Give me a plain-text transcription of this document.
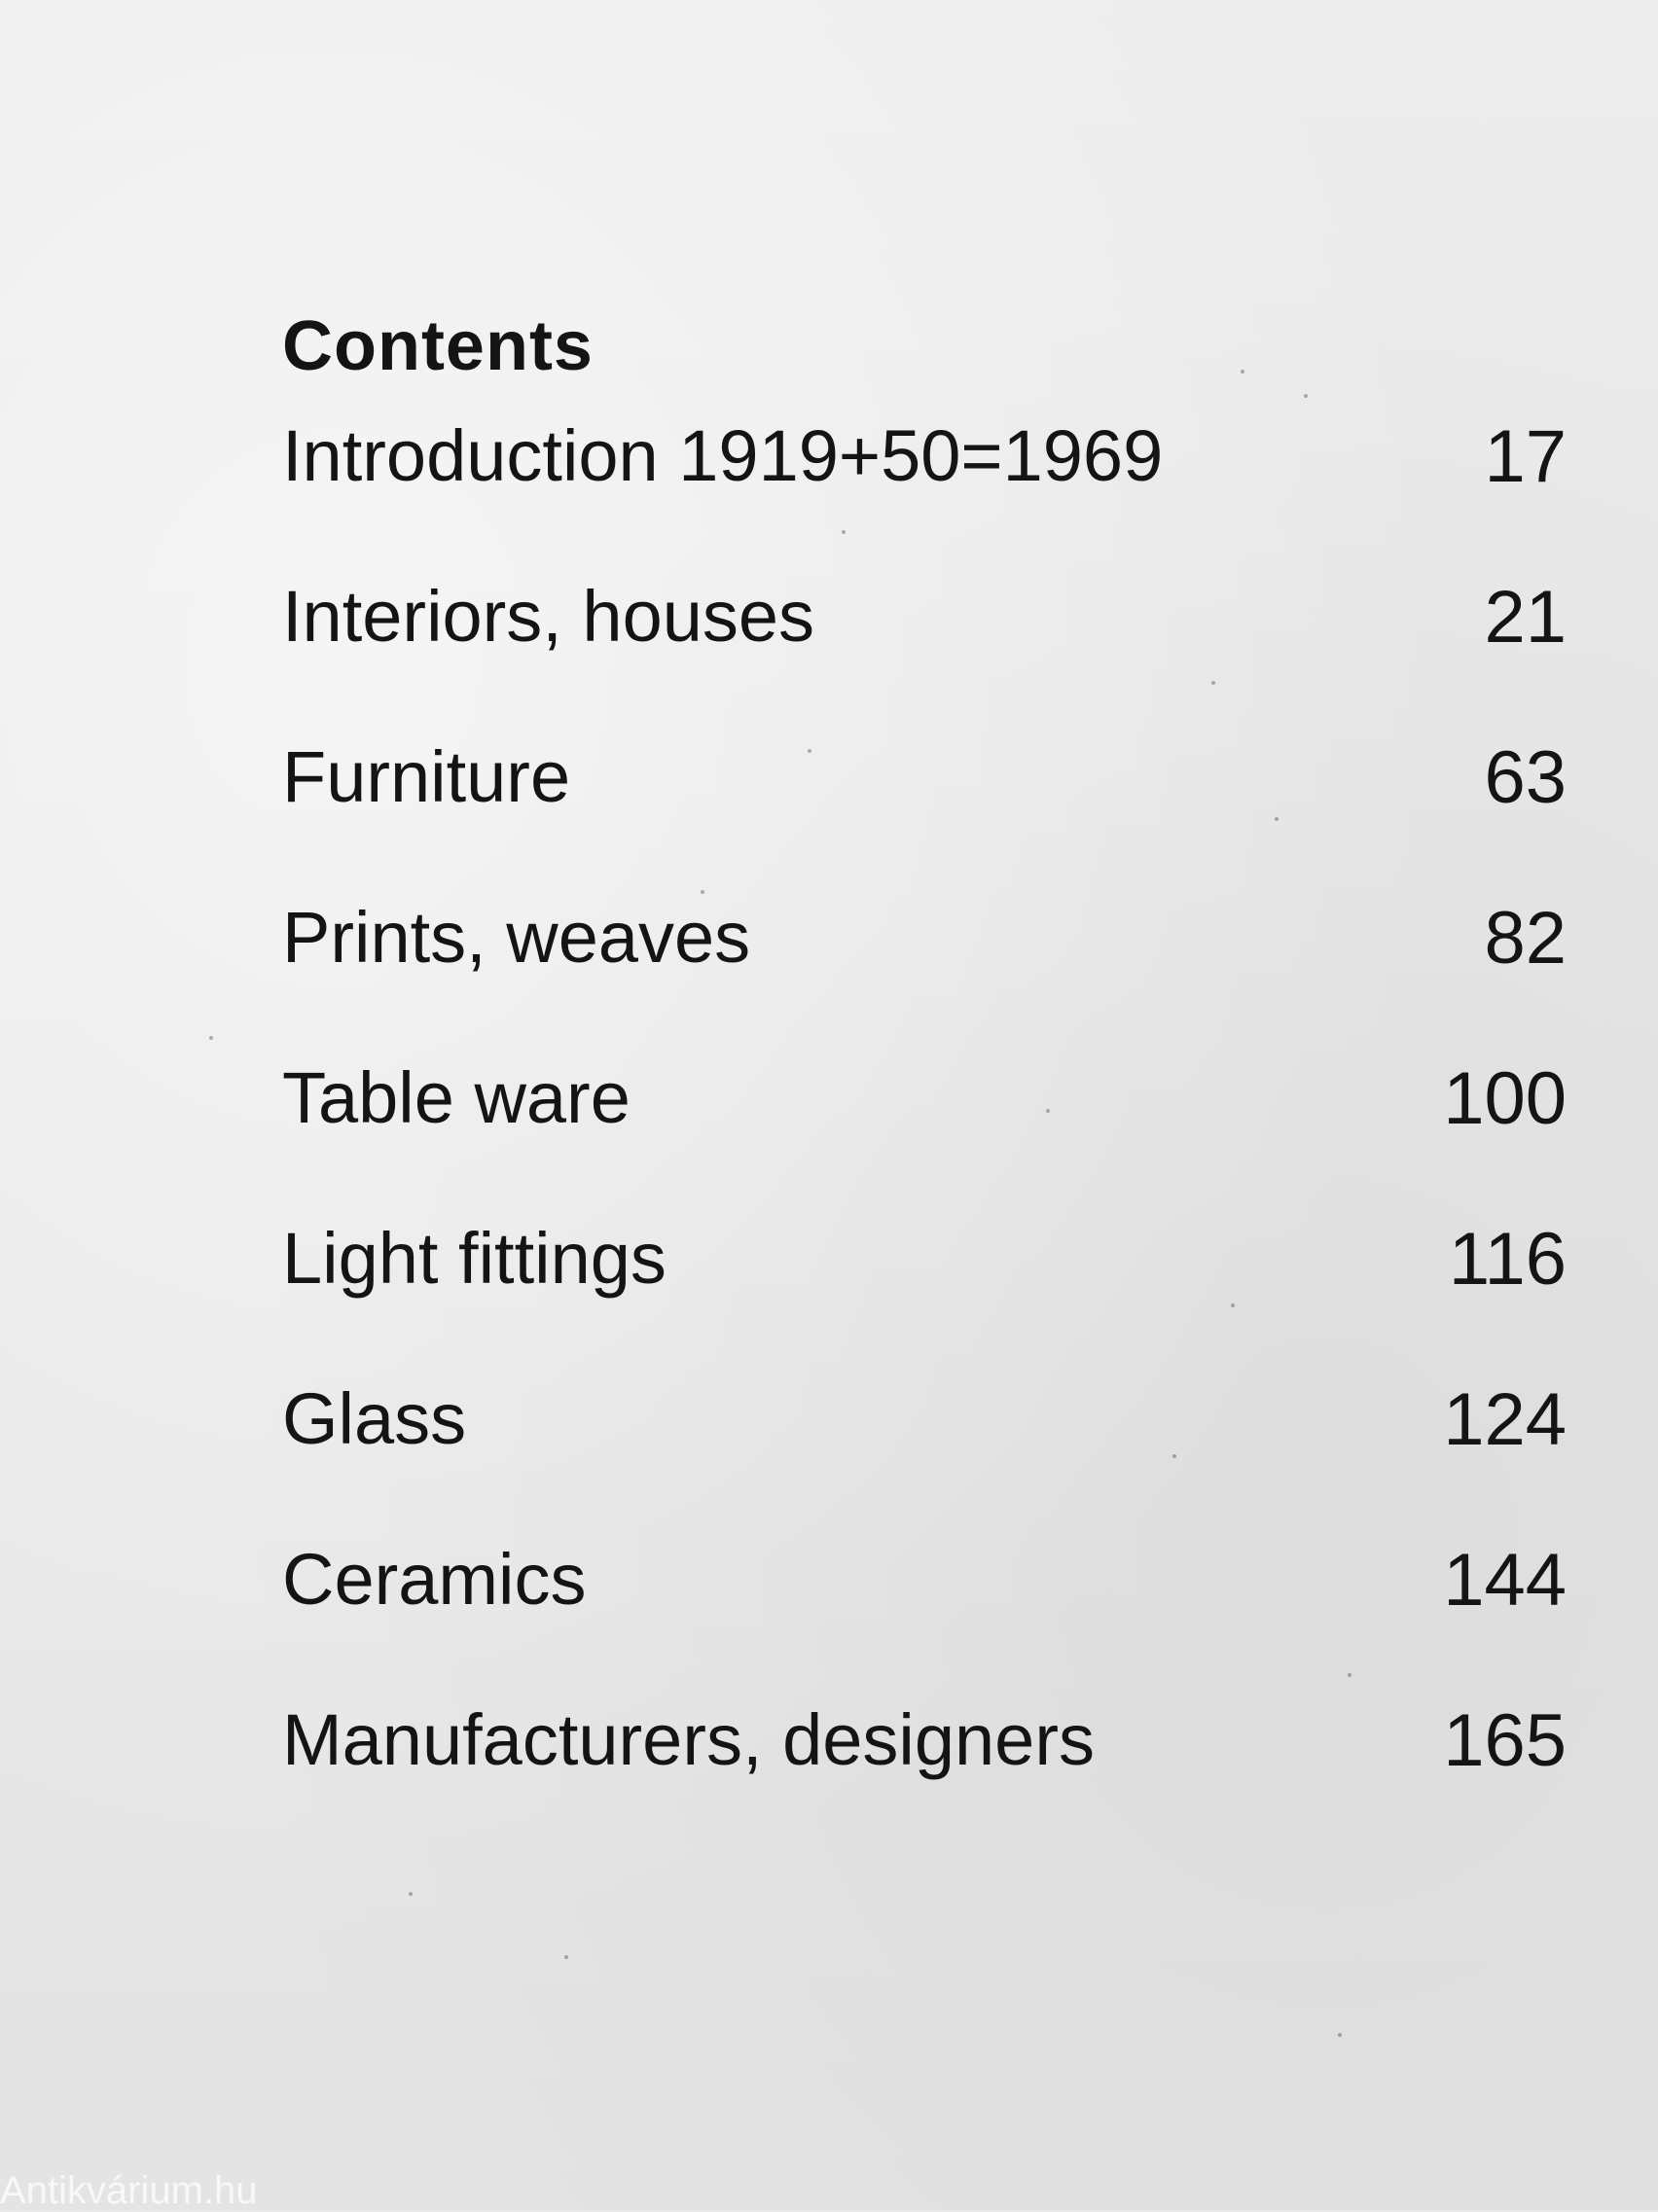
Contents
Introduction 1919+50=1969	17
Interiors, houses	21
Furniture	63
Prints, weaves	82
Table ware	100
Light fittings	116
Glass	124
Ceramics	144
Manufacturers, designers	165
Antikvárium.hu
